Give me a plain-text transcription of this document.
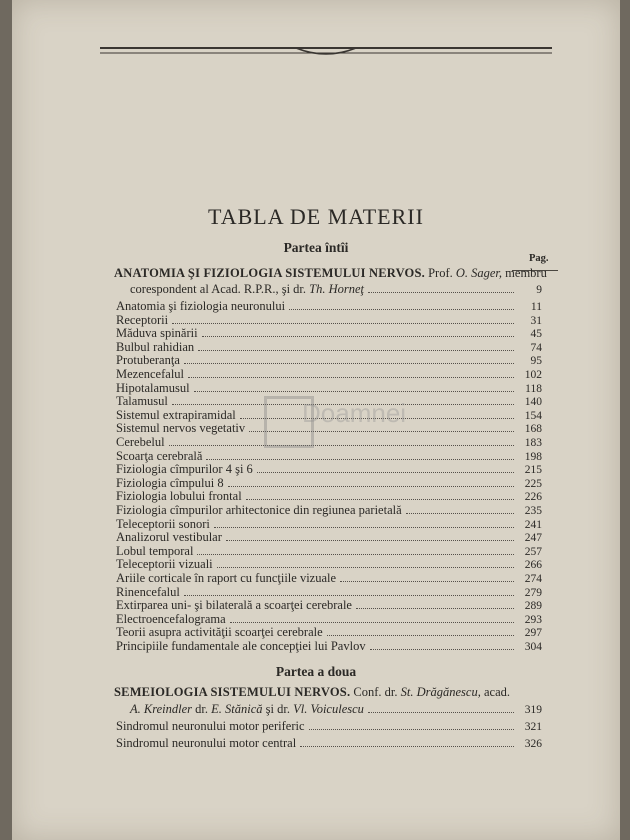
TABLA DE MATERII
Partea întîi
Pag.
ANATOMIA ŞI FIZIOLOGIA SISTEMULUI NERVOS. Prof. O. Sager, membru
corespondent al Acad. R.P.R., şi dr. Th. Horneţ	9
Anatomia şi fiziologia neuronului	11
Receptorii	31
Măduva spinării	45
Bulbul rahidian	74
Protuberanţa	95
Mezencefalul	102
Hipotalamusul	118
Talamusul	140
Sistemul extrapiramidal	154
Sistemul nervos vegetativ	168
Cerebelul	183
Scoarţa cerebrală	198
Fiziologia cîmpurilor 4 şi 6	215
Fiziologia cîmpului 8	225
Fiziologia lobului frontal	226
Fiziologia cîmpurilor arhitectonice din regiunea parietală	235
Teleceptorii sonori	241
Analizorul vestibular	247
Lobul temporal	257
Teleceptorii vizuali	266
Ariile corticale în raport cu funcţiile vizuale	274
Rinencefalul	279
Extirparea uni- şi bilaterală a scoarţei cerebrale	289
Electroencefalograma	293
Teorii asupra activităţii scoarţei cerebrale	297
Principiile fundamentale ale concepţiei lui Pavlov	304
Partea a doua
SEMEIOLOGIA SISTEMULUI NERVOS. Conf. dr. St. Drăgănescu, acad.
A. Kreindler dr. E. Stănică şi dr. Vl. Voiculescu	319
Sindromul neuronului motor periferic	321
Sindromul neuronului motor central	326
Doamnei
